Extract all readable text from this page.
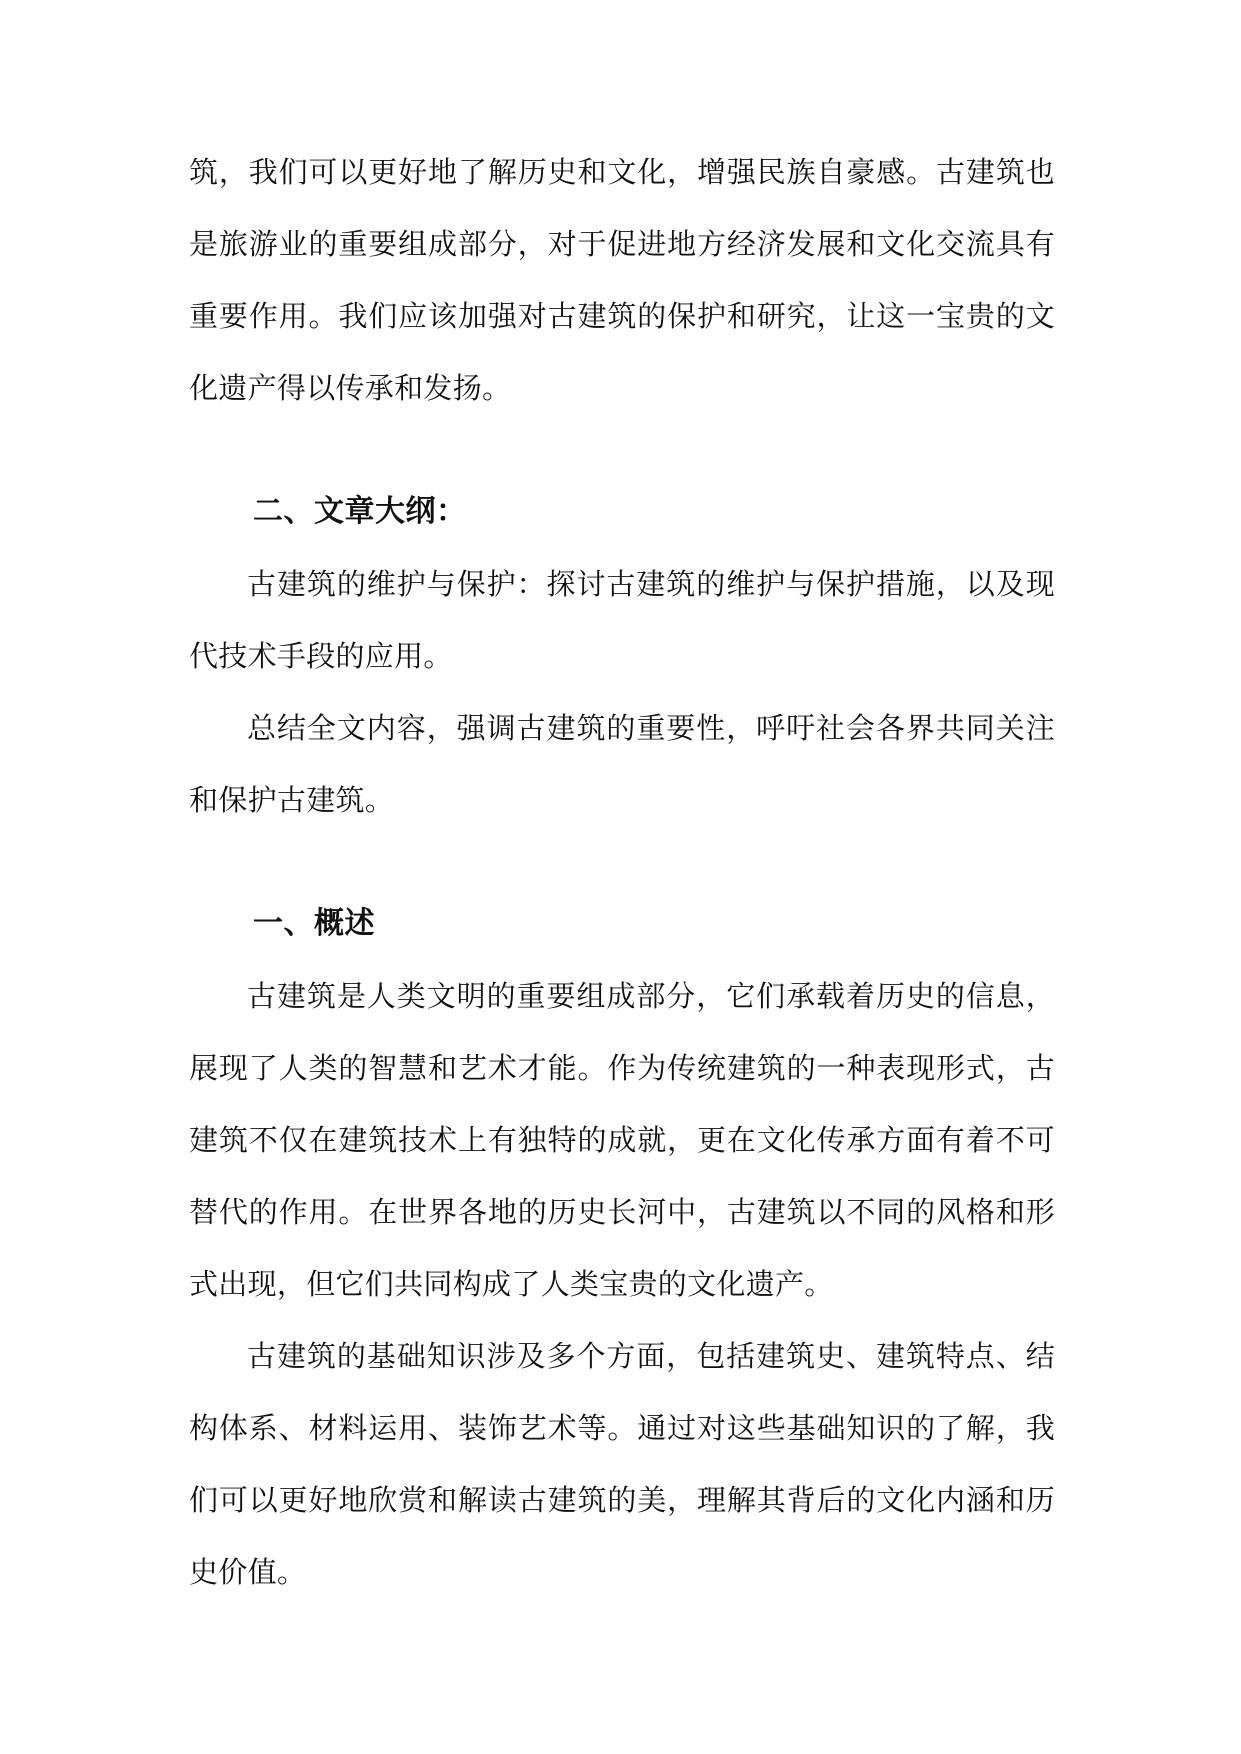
筑，我们可以更好地了解历史和文化，增强民族自豪感。古建筑也是旅游业的重要组成部分，对于促进地方经济发展和文化交流具有重要作用。我们应该加强对古建筑的保护和研究，让这一宝贵的文化遗产得以传承和发扬。

二、文章大纲：

古建筑的维护与保护：探讨古建筑的维护与保护措施，以及现代技术手段的应用。

总结全文内容，强调古建筑的重要性，呼吁社会各界共同关注和保护古建筑。

一、概述

古建筑是人类文明的重要组成部分，它们承载着历史的信息，展现了人类的智慧和艺术才能。作为传统建筑的一种表现形式，古建筑不仅在建筑技术上有独特的成就，更在文化传承方面有着不可替代的作用。在世界各地的历史长河中，古建筑以不同的风格和形式出现，但它们共同构成了人类宝贵的文化遗产。

古建筑的基础知识涉及多个方面，包括建筑史、建筑特点、结构体系、材料运用、装饰艺术等。通过对这些基础知识的了解，我们可以更好地欣赏和解读古建筑的美，理解其背后的文化内涵和历史价值。
